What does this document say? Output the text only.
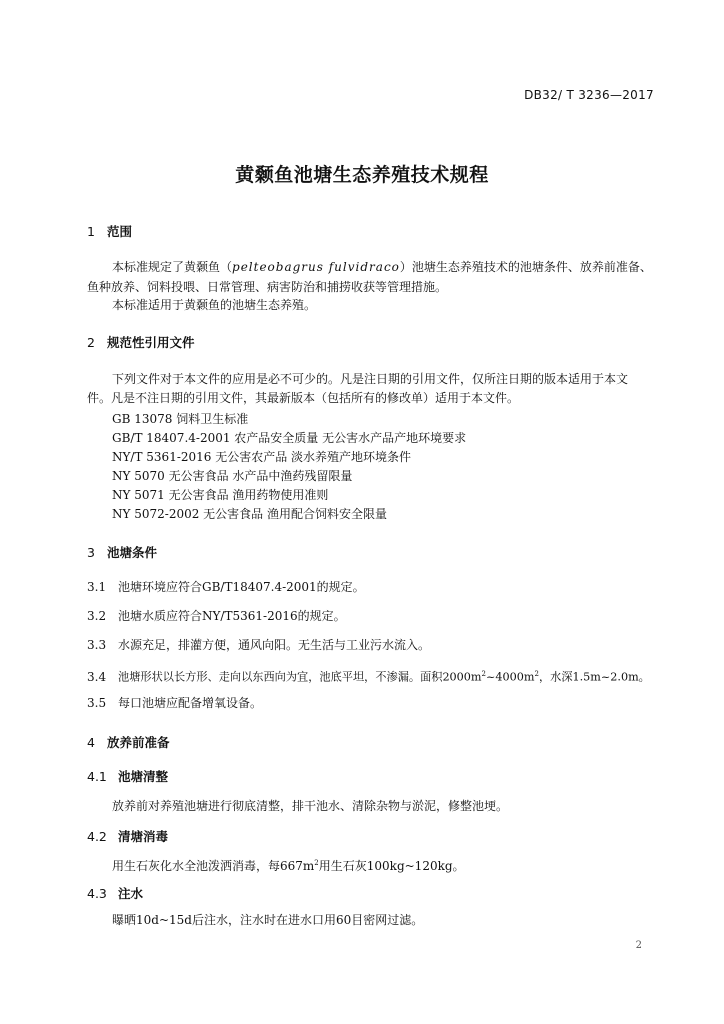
DB32/ T 3236—2017
黄颡鱼池塘生态养殖技术规程
1 范围
本标准规定了黄颡鱼（pelteobagrus fulvidraco）池塘生态养殖技术的池塘条件、放养前准备、
鱼种放养、饲料投喂、日常管理、病害防治和捕捞收获等管理措施。
本标准适用于黄颡鱼的池塘生态养殖。
2 规范性引用文件
下列文件对于本文件的应用是必不可少的。凡是注日期的引用文件，仅所注日期的版本适用于本文
件。凡是不注日期的引用文件，其最新版本（包括所有的修改单）适用于本文件。
GB 13078 饲料卫生标准
GB/T 18407.4-2001 农产品安全质量 无公害水产品产地环境要求
NY/T 5361-2016 无公害农产品 淡水养殖产地环境条件
NY 5070 无公害食品 水产品中渔药残留限量
NY 5071 无公害食品 渔用药物使用准则
NY 5072-2002 无公害食品 渔用配合饲料安全限量
3 池塘条件
3.1 池塘环境应符合GB/T18407.4-2001的规定。
3.2 池塘水质应符合NY/T5361-2016的规定。
3.3 水源充足，排灌方便，通风向阳。无生活与工业污水流入。
3.4 池塘形状以长方形、走向以东西向为宜，池底平坦，不渗漏。面积$2000m^2\sim 4000m^2$，水深1.5m~2.0m。
3.5 每口池塘应配备增氧设备。
4 放养前准备
4.1 池塘清整
放养前对养殖池塘进行彻底清整，排干池水、清除杂物与淤泥，修整池埂。
4.2 清塘消毒
用生石灰化水全池泼洒消毒，每$667m^2$用生石灰100kg~120kg。
4.3 注水
曝晒10d~15d后注水，注水时在进水口用60目密网过滤。
2
